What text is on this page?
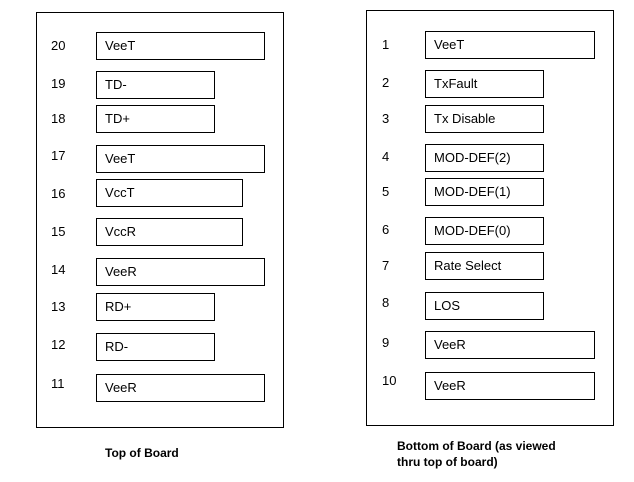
20	VeeT
19	TD-
18	TD+
17	VeeT
16	VccT
15	VccR
14	VeeR
13	RD+
12	RD-
11	VeeR
1	VeeT
2	TxFault
3	Tx Disable
4	MOD-DEF(2)
5	MOD-DEF(1)
6	MOD-DEF(0)
7	Rate Select
8	LOS
9	VeeR
10	VeeR
Top of Board	Bottom of Board (as viewed
thru top of board)
